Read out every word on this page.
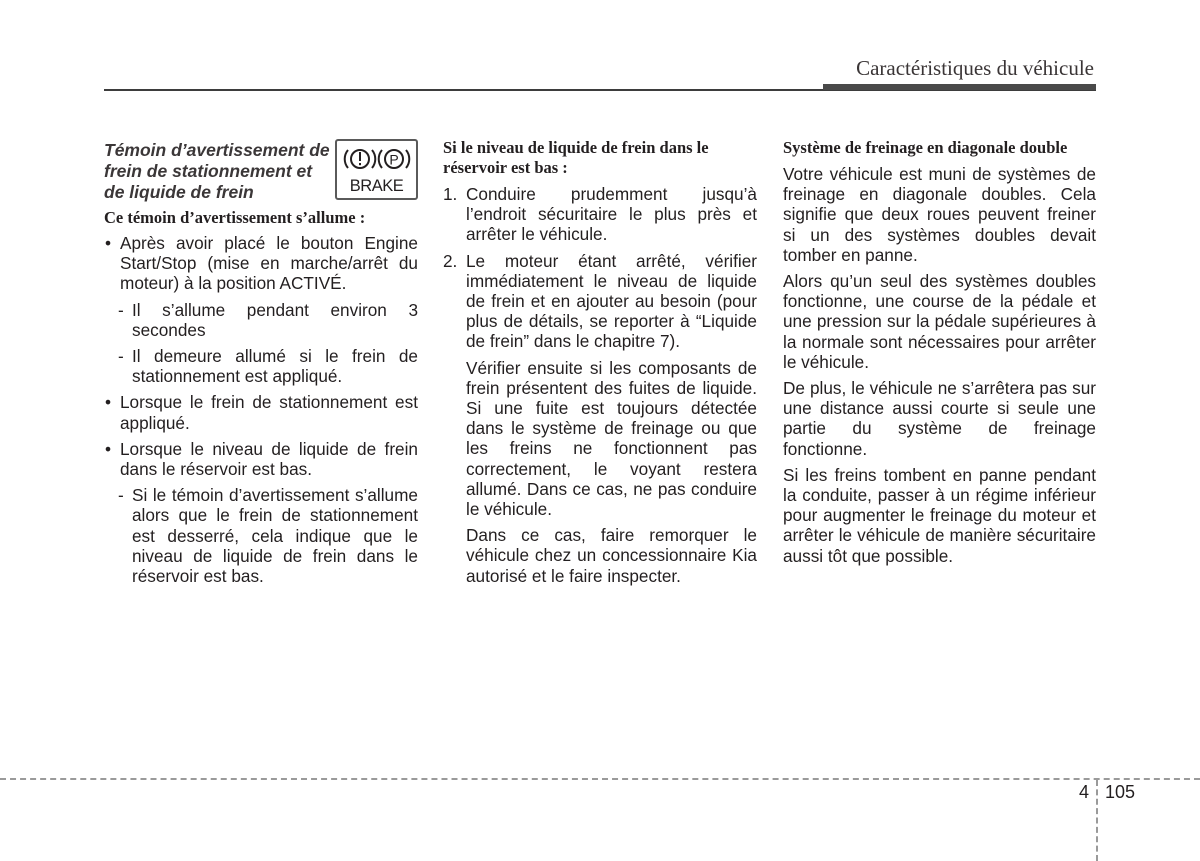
Caractéristiques du véhicule
Témoin d’avertissement de frein de stationnement et de liquide de frein
P
BRAKE
Ce témoin d’avertissement s’allume :
• Après avoir placé le bouton Engine Start/Stop (mise en marche/arrêt du moteur) à la position ACTIVÉ.

- Il s’allume pendant environ 3 secondes

- Il demeure allumé si le frein de stationnement est appliqué.

• Lorsque le frein de stationnement est appliqué.

• Lorsque le niveau de liquide de frein dans le réservoir est bas.

- Si le témoin d’avertissement s’allume alors que le frein de stationnement est desserré, cela indique que le niveau de liquide de frein dans le réservoir est bas.

Si le niveau de liquide de frein dans le réservoir est bas :
1. Conduire prudemment jusqu’à l’endroit sécuritaire le plus près et arrêter le véhicule.

2. Le moteur étant arrêté, vérifier immédiatement le niveau de liquide de frein et en ajouter au besoin (pour plus de détails, se reporter à “Liquide de frein” dans le chapitre 7).

Vérifier ensuite si les composants de frein présentent des fuites de liquide. Si une fuite est toujours détectée dans le système de freinage ou que les freins ne fonctionnent pas correctement, le voyant restera allumé. Dans ce cas, ne pas conduire le véhicule.

Dans ce cas, faire remorquer le véhicule chez un concessionnaire Kia autorisé et le faire inspecter.

Système de freinage en diagonale double

Votre véhicule est muni de systèmes de freinage en diagonale doubles. Cela signifie que deux roues peuvent freiner si un des systèmes doubles devait tomber en panne.

Alors qu’un seul des systèmes doubles fonctionne, une course de la pédale et une pression sur la pédale supérieures à la normale sont nécessaires pour arrêter le véhicule.

De plus, le véhicule ne s’arrêtera pas sur une distance aussi courte si seule une partie du système de freinage fonctionne.

Si les freins tombent en panne pendant la conduite, passer à un régime inférieur pour augmenter le freinage du moteur et arrêter le véhicule de manière sécuritaire aussi tôt que possible.

4 105
